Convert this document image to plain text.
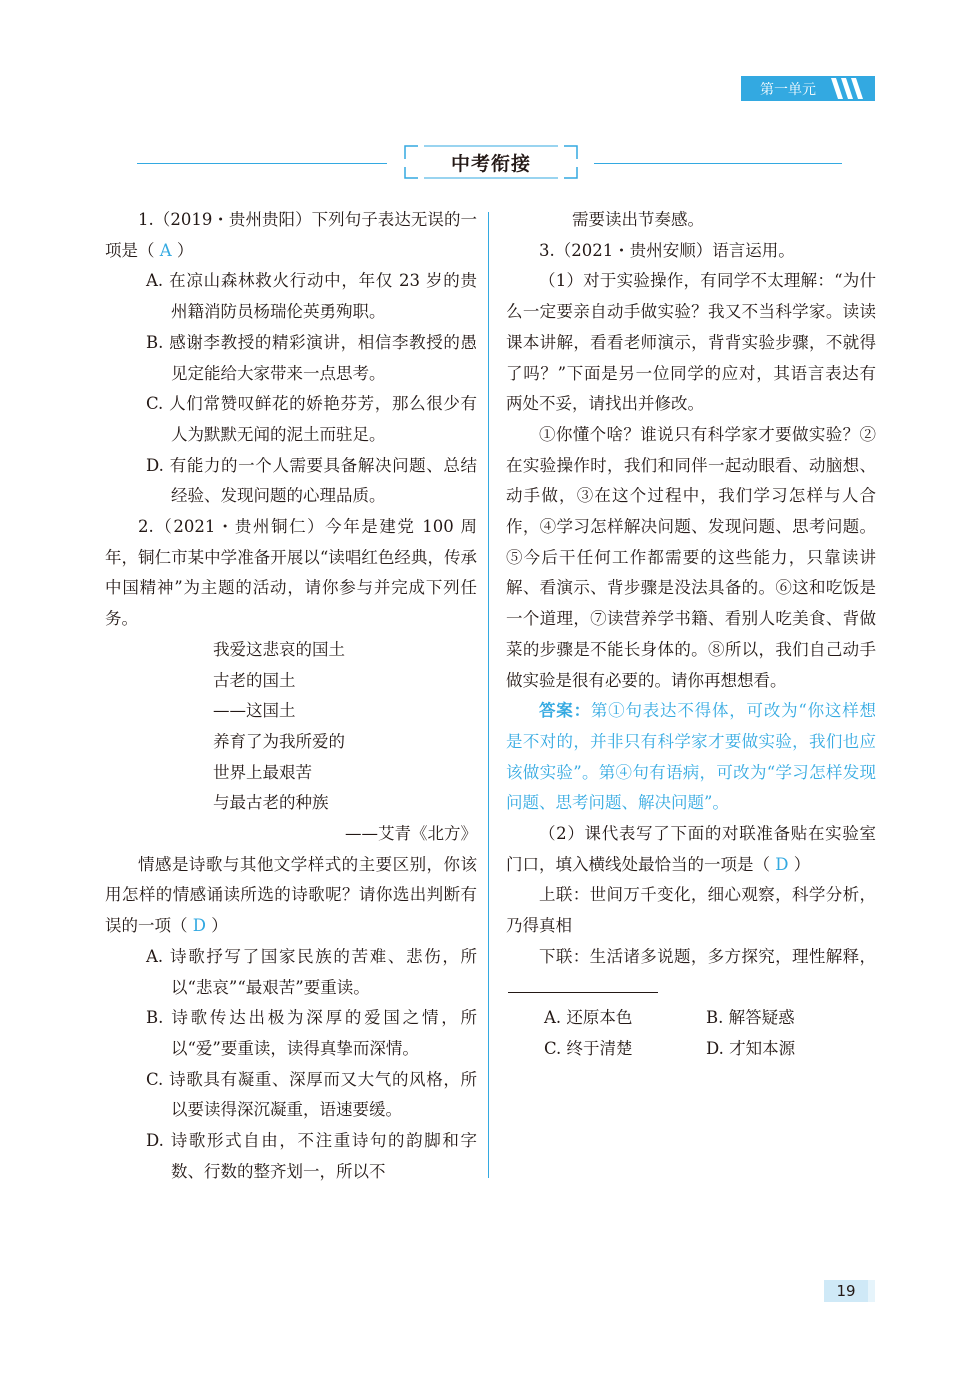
第一单元
中考衔接

1.（2019・贵州贵阳）下列句子表达无误的一项是（ A ）

A. 在凉山森林救火行动中，年仅 23 岁的贵州籍消防员杨瑞伦英勇殉职。

B. 感谢李教授的精彩演讲，相信李教授的愚见定能给大家带来一点思考。

C. 人们常赞叹鲜花的娇艳芬芳，那么很少有人为默默无闻的泥土而驻足。

D. 有能力的一个人需要具备解决问题、总结经验、发现问题的心理品质。

2.（2021・贵州铜仁）今年是建党 100 周年，铜仁市某中学准备开展以“读唱红色经典，传承中国精神”为主题的活动，请你参与并完成下列任务。

我爱这悲哀的国土

古老的国土

——这国土

养育了为我所爱的

世界上最艰苦

与最古老的种族

——艾青《北方》

情感是诗歌与其他文学样式的主要区别，你该用怎样的情感诵读所选的诗歌呢？请你选出判断有误的一项（ D ）

A. 诗歌抒写了国家民族的苦难、悲伤，所以“悲哀”“最艰苦”要重读。

B. 诗歌传达出极为深厚的爱国之情，所以“爱”要重读，读得真挚而深情。

C. 诗歌具有凝重、深厚而又大气的风格，所以要读得深沉凝重，语速要缓。

D. 诗歌形式自由，不注重诗句的韵脚和字数、行数的整齐划一，所以不

需要读出节奏感。

3.（2021・贵州安顺）语言运用。

（1）对于实验操作，有同学不太理解：“为什么一定要亲自动手做实验？我又不当科学家。读读课本讲解，看看老师演示，背背实验步骤，不就得了吗？”下面是另一位同学的应对，其语言表达有两处不妥，请找出并修改。

①你懂个啥？谁说只有科学家才要做实验？②在实验操作时，我们和同伴一起动眼看、动脑想、动手做，③在这个过程中，我们学习怎样与人合作，④学习怎样解决问题、发现问题、思考问题。⑤今后干任何工作都需要的这些能力，只靠读讲解、看演示、背步骤是没法具备的。⑥这和吃饭是一个道理，⑦读营养学书籍、看别人吃美食、背做菜的步骤是不能长身体的。⑧所以，我们自己动手做实验是很有必要的。请你再想想看。

答案：第①句表达不得体，可改为“你这样想是不对的，并非只有科学家才要做实验，我们也应该做实验”。第④句有语病，可改为“学习怎样发现问题、思考问题、解决问题”。

（2）课代表写了下面的对联准备贴在实验室门口，填入横线处最恰当的一项是（ D ）

上联：世间万千变化，细心观察，科学分析，乃得真相

下联：生活诸多说题，多方探究，理性解释，

A. 还原本色	B. 解答疑惑
C. 终于清楚	D. 才知本源
19
